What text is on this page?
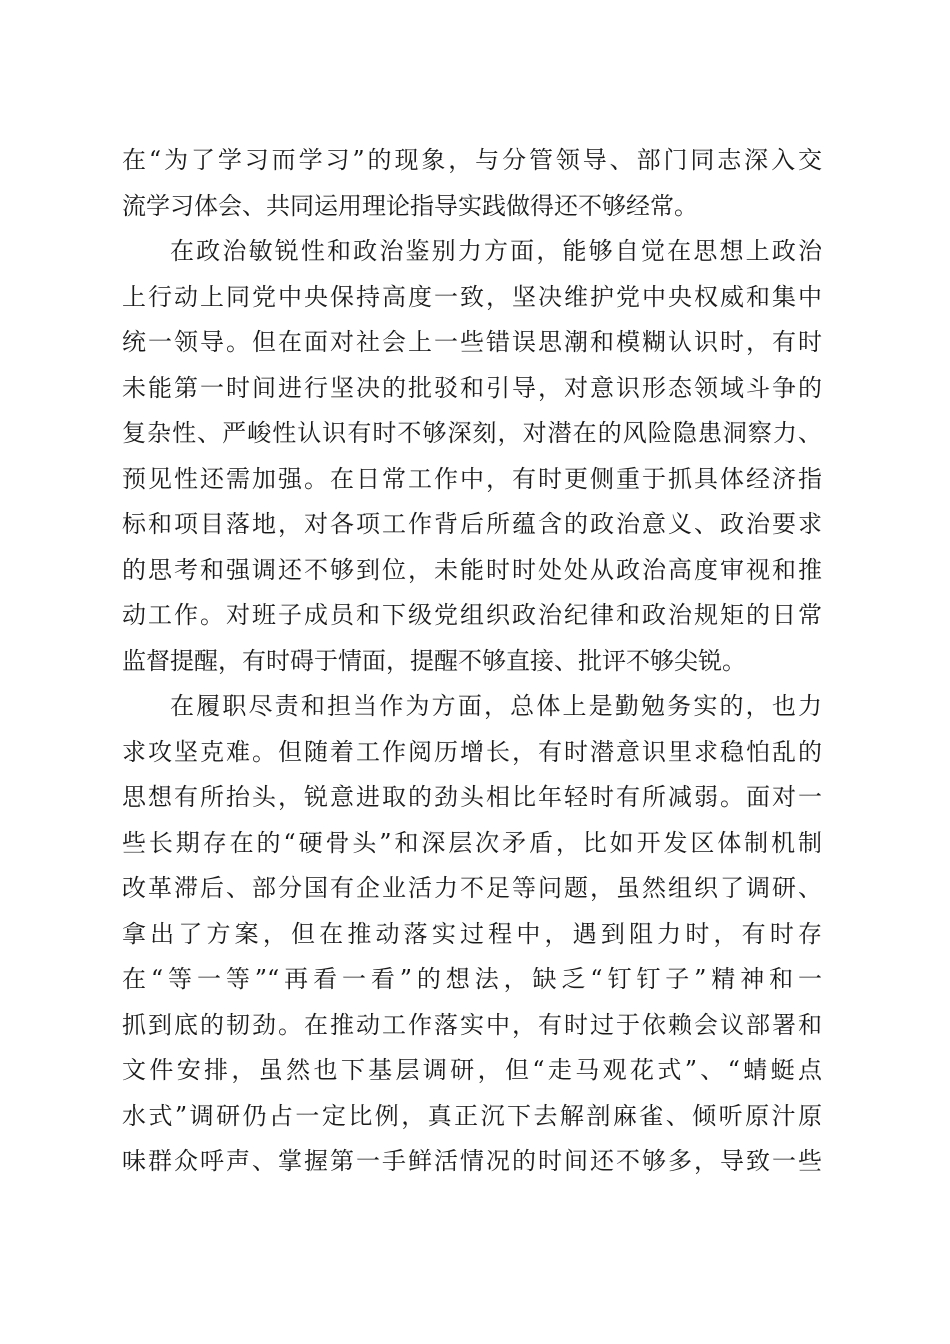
在“为了学习而学习”的现象，与分管领导、部门同志深入交
流学习体会、共同运用理论指导实践做得还不够经常。
在政治敏锐性和政治鉴别力方面，能够自觉在思想上政治
上行动上同党中央保持高度一致，坚决维护党中央权威和集中
统一领导。但在面对社会上一些错误思潮和模糊认识时，有时
未能第一时间进行坚决的批驳和引导，对意识形态领域斗争的
复杂性、严峻性认识有时不够深刻，对潜在的风险隐患洞察力、
预见性还需加强。在日常工作中，有时更侧重于抓具体经济指
标和项目落地，对各项工作背后所蕴含的政治意义、政治要求
的思考和强调还不够到位，未能时时处处从政治高度审视和推
动工作。对班子成员和下级党组织政治纪律和政治规矩的日常
监督提醒，有时碍于情面，提醒不够直接、批评不够尖锐。
在履职尽责和担当作为方面，总体上是勤勉务实的，也力
求攻坚克难。但随着工作阅历增长，有时潜意识里求稳怕乱的
思想有所抬头，锐意进取的劲头相比年轻时有所减弱。面对一
些长期存在的“硬骨头”和深层次矛盾，比如开发区体制机制
改革滞后、部分国有企业活力不足等问题，虽然组织了调研、
拿出了方案，但在推动落实过程中，遇到阻力时，有时存
在“等一等”“再看一看”的想法，缺乏“钉钉子”精神和一
抓到底的韧劲。在推动工作落实中，有时过于依赖会议部署和
文件安排，虽然也下基层调研，但“走马观花式”、“蜻蜓点
水式”调研仍占一定比例，真正沉下去解剖麻雀、倾听原汁原
味群众呼声、掌握第一手鲜活情况的时间还不够多，导致一些
